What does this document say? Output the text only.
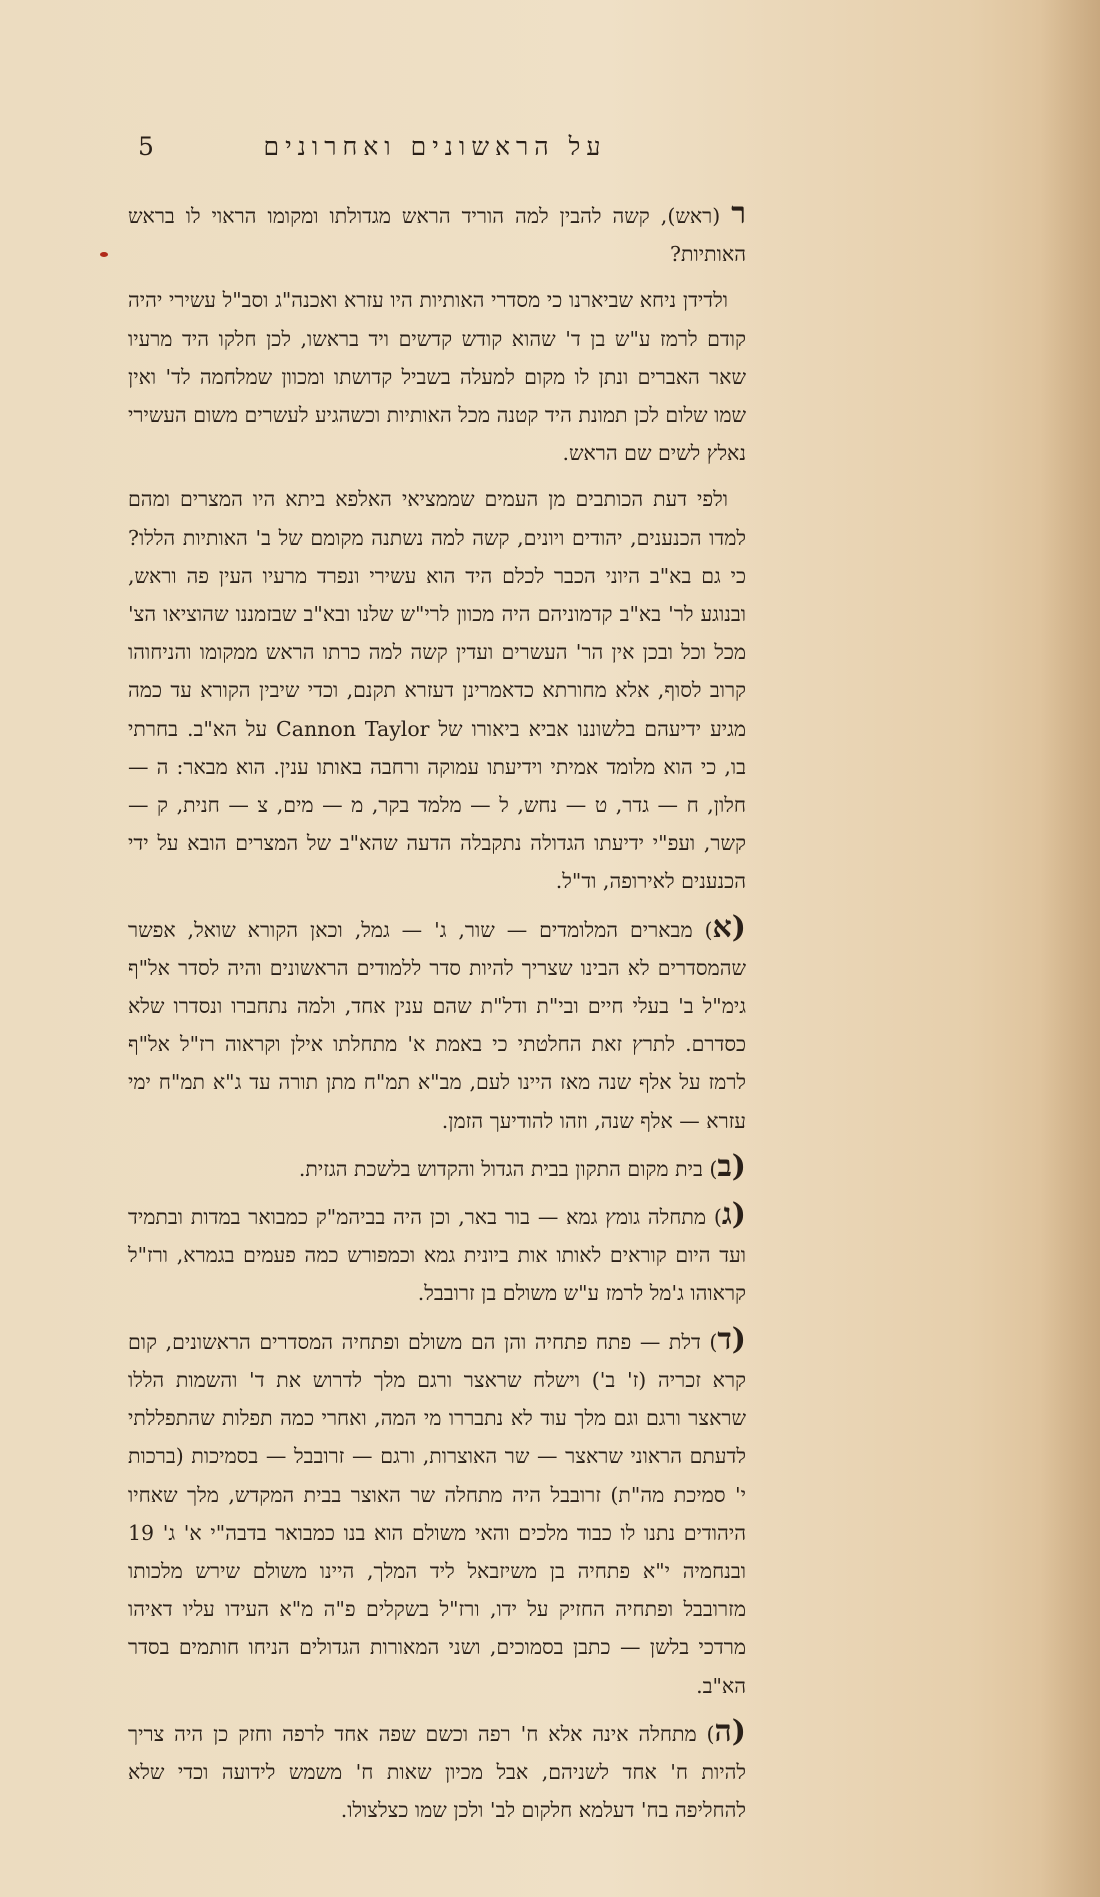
על הראשונים ואחרונים
5

ר (ראש), קשה להבין למה הוריד הראש מגדולתו ומקומו הראוי לו בראש האותיות?

ולדידן ניחא שביארנו כי מסדרי האותיות היו עזרא ואכנה"ג וסב"ל עשירי יהיה קודם לרמז ע"ש בן ד' שהוא קודש קדשים ויד בראשו, לכן חלקו היד מרעיו שאר האברים ונתן לו מקום למעלה בשביל קדושתו ומכוון שמלחמה לד' ואין שמו שלום לכן תמונת היד קטנה מכל האותיות וכשהגיע לעשרים משום העשירי נאלץ לשים שם הראש.

ולפי דעת הכותבים מן העמים שממציאי האלפא ביתא היו המצרים ומהם למדו הכנענים, יהודים ויונים, קשה למה נשתנה מקומם של ב' האותיות הללו? כי גם בא"ב היוני הכבר לכלם היד הוא עשירי ונפרד מרעיו העין פה וראש, ובנוגע לר' בא"ב קדמוניהם היה מכוון לרי"ש שלנו ובא"ב שבזמננו שהוציאו הצ' מכל וכל ובכן אין הר' העשרים ועדין קשה למה כרתו הראש ממקומו והניחוהו קרוב לסוף, אלא מחורתא כדאמרינן דעזרא תקנם, וכדי שיבין הקורא עד כמה מגיע ידיעהם בלשוננו אביא ביאורו של Cannon Taylor על הא"ב. בחרתי בו, כי הוא מלומד אמיתי וידיעתו עמוקה ורחבה באותו ענין. הוא מבאר: ה — חלון, ח — גדר, ט — נחש, ל — מלמד בקר, מ — מים, צ — חנית, ק — קשר, ועפ"י ידיעתו הגדולה נתקבלה הדעה שהא"ב של המצרים הובא על ידי הכנענים לאירופה, וד"ל.

(א) מבארים המלומדים — שור, ג' — גמל, וכאן הקורא שואל, אפשר שהמסדרים לא הבינו שצריך להיות סדר ללמודים הראשונים והיה לסדר אל"ף גימ"ל ב' בעלי חיים ובי"ת ודל"ת שהם ענין אחד, ולמה נתחברו ונסדרו שלא כסדרם. לתרץ זאת החלטתי כי באמת א' מתחלתו אילן וקראוה רז"ל אל"ף לרמז על אלף שנה מאז היינו לעם, מב"א תמ"ח מתן תורה עד ג"א תמ"ח ימי עזרא — אלף שנה, וזהו להודיעך הזמן.

(ב) בית מקום התקון בבית הגדול והקדוש בלשכת הגזית.

(ג) מתחלה גומץ גמא — בור באר, וכן היה בביהמ"ק כמבואר במדות ובתמיד ועד היום קוראים לאותו אות ביונית גמא וכמפורש כמה פעמים בגמרא, ורז"ל קראוהו ג'מל לרמז ע"ש משולם בן זרובבל.

(ד) דלת — פתח פתחיה והן הם משולם ופתחיה המסדרים הראשונים, קום קרא זכריה (ז' ב') וישלח שראצר ורגם מלך לדרוש את ד' והשמות הללו שראצר ורגם וגם מלך עוד לא נתבררו מי המה, ואחרי כמה תפלות שהתפללתי לדעתם הראוני שראצר — שר האוצרות, ורגם — זרובבל — בסמיכות (ברכות י' סמיכת מה"ת) זרובבל היה מתחלה שר האוצר בבית המקדש, מלך שאחיו היהודים נתנו לו כבוד מלכים והאי משולם הוא בנו כמבואר בדבה"י א' ג' 19 ובנחמיה י"א פתחיה בן משיזבאל ליד המלך, היינו משולם שירש מלכותו מזרובבל ופתחיה החזיק על ידו, ורז"ל בשקלים פ"ה מ"א העידו עליו דאיהו מרדכי בלשן — כתבן בסמוכים, ושני המאורות הגדולים הניחו חותמים בסדר הא"ב.

(ה) מתחלה אינה אלא ח' רפה וכשם שפה אחד לרפה וחזק כן היה צריך להיות ח' אחד לשניהם, אבל מכיון שאות ח' משמש לידועה וכדי שלא להחליפה בח' דעלמא חלקום לב' ולכן שמו כצלצולו.
